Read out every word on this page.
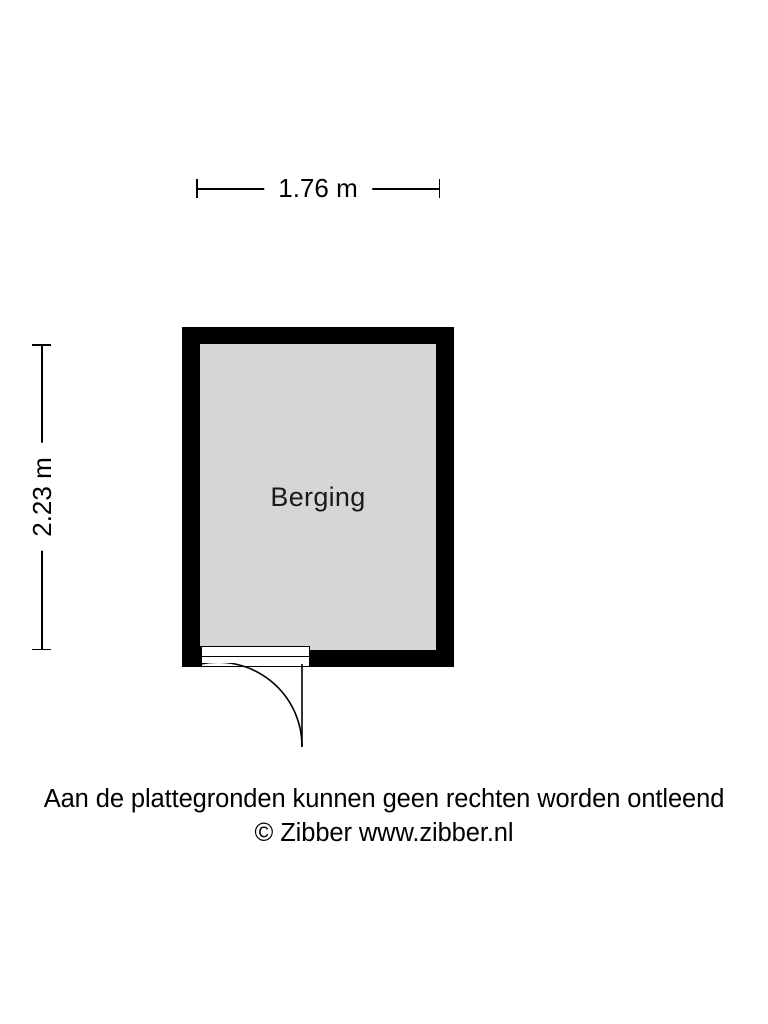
1.76 m
2.23 m	Berging
Aan de plattegronden kunnen geen rechten worden ontleend
© Zibber www.zibber.nl
